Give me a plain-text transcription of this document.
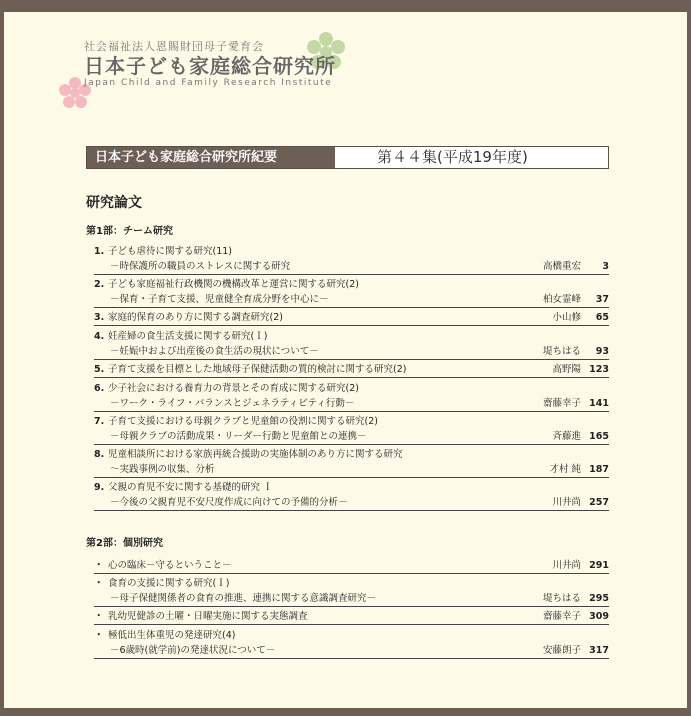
社会福祉法人恩賜財団母子愛育会
日本子ども家庭総合研究所
Japan Child and Family Research Institute
日本子ども家庭総合研究所紀要	第４４集(平成19年度)
研究論文
第1部：チーム研究
1. 子ども虐待に関する研究(11)
－時保護所の職員のストレスに関する研究	高橋重宏 3
2. 子ども家庭福祉行政機関の機構改革と運営に関する研究(2)
－保育・子育て支援、児童健全育成分野を中心に－	柏女霊峰 37
3. 家庭的保育のあり方に関する調査研究(2)	小山修 65
4. 妊産婦の食生活支援に関する研究(Ｉ)
－妊娠中および出産後の食生活の現状について－	堤ちはる 93
5. 子育て支援を目標とした地域母子保健活動の質的検討に関する研究(2)	高野陽 123
6. 少子社会における養育力の背景とその育成に関する研究(2)
－ワーク・ライフ・バランスとジェネラティビティ行動－	齋藤幸子 141
7. 子育て支援における母親クラブと児童館の役割に関する研究(2)
－母親クラブの活動成果・リーダー行動と児童館との連携－	斉藤進 165
8. 児童相談所における家族再統合援助の実施体制のあり方に関する研究
～実践事例の収集、分析	才村 純 187
9. 父親の育児不安に関する基礎的研究 Ｉ
－今後の父親育児不安尺度作成に向けての予備的分析－	川井尚 257
第2部：個別研究
・ 心の臨床－守るということ－	川井尚 291
・ 食育の支援に関する研究(Ｉ)
－母子保健関係者の食育の推進、連携に関する意識調査研究－	堤ちはる 295
・ 乳幼児健診の土曜・日曜実施に関する実態調査	齋藤幸子 309
・ 極低出生体重児の発達研究(4)
－6歳時(就学前)の発達状況について－	安藤朗子 317
